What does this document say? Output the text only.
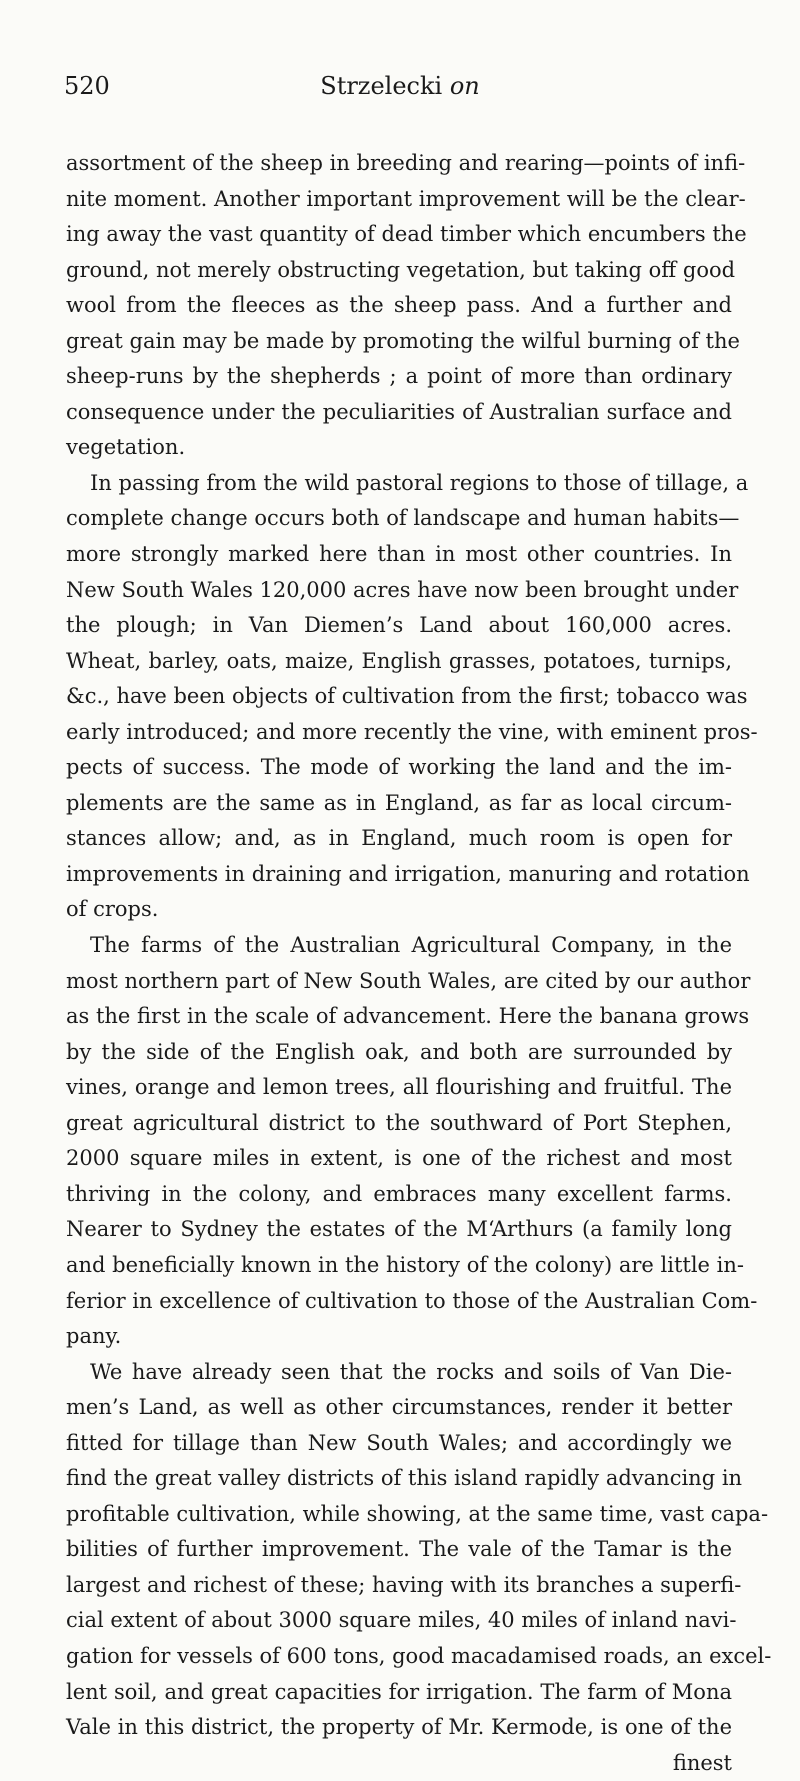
520	Strzelecki on
assortment of the sheep in breeding and rearing—points of infi-
nite moment. Another important improvement will be the clear-
ing away the vast quantity of dead timber which encumbers the
ground, not merely obstructing vegetation, but taking off good
wool from the fleeces as the sheep pass. And a further and
great gain may be made by promoting the wilful burning of the
sheep-runs by the shepherds ; a point of more than ordinary
consequence under the peculiarities of Australian surface and
vegetation.
In passing from the wild pastoral regions to those of tillage, a
complete change occurs both of landscape and human habits—
more strongly marked here than in most other countries. In
New South Wales 120,000 acres have now been brought under
the plough; in Van Diemen’s Land about 160,000 acres.
Wheat, barley, oats, maize, English grasses, potatoes, turnips,
&c., have been objects of cultivation from the first; tobacco was
early introduced; and more recently the vine, with eminent pros-
pects of success. The mode of working the land and the im-
plements are the same as in England, as far as local circum-
stances allow; and, as in England, much room is open for
improvements in draining and irrigation, manuring and rotation
of crops.
The farms of the Australian Agricultural Company, in the
most northern part of New South Wales, are cited by our author
as the first in the scale of advancement. Here the banana grows
by the side of the English oak, and both are surrounded by
vines, orange and lemon trees, all flourishing and fruitful. The
great agricultural district to the southward of Port Stephen,
2000 square miles in extent, is one of the richest and most
thriving in the colony, and embraces many excellent farms.
Nearer to Sydney the estates of the M‘Arthurs (a family long
and beneficially known in the history of the colony) are little in-
ferior in excellence of cultivation to those of the Australian Com-
pany.
We have already seen that the rocks and soils of Van Die-
men’s Land, as well as other circumstances, render it better
fitted for tillage than New South Wales; and accordingly we
find the great valley districts of this island rapidly advancing in
profitable cultivation, while showing, at the same time, vast capa-
bilities of further improvement. The vale of the Tamar is the
largest and richest of these; having with its branches a superfi-
cial extent of about 3000 square miles, 40 miles of inland navi-
gation for vessels of 600 tons, good macadamised roads, an excel-
lent soil, and great capacities for irrigation. The farm of Mona
Vale in this district, the property of Mr. Kermode, is one of the
finest
